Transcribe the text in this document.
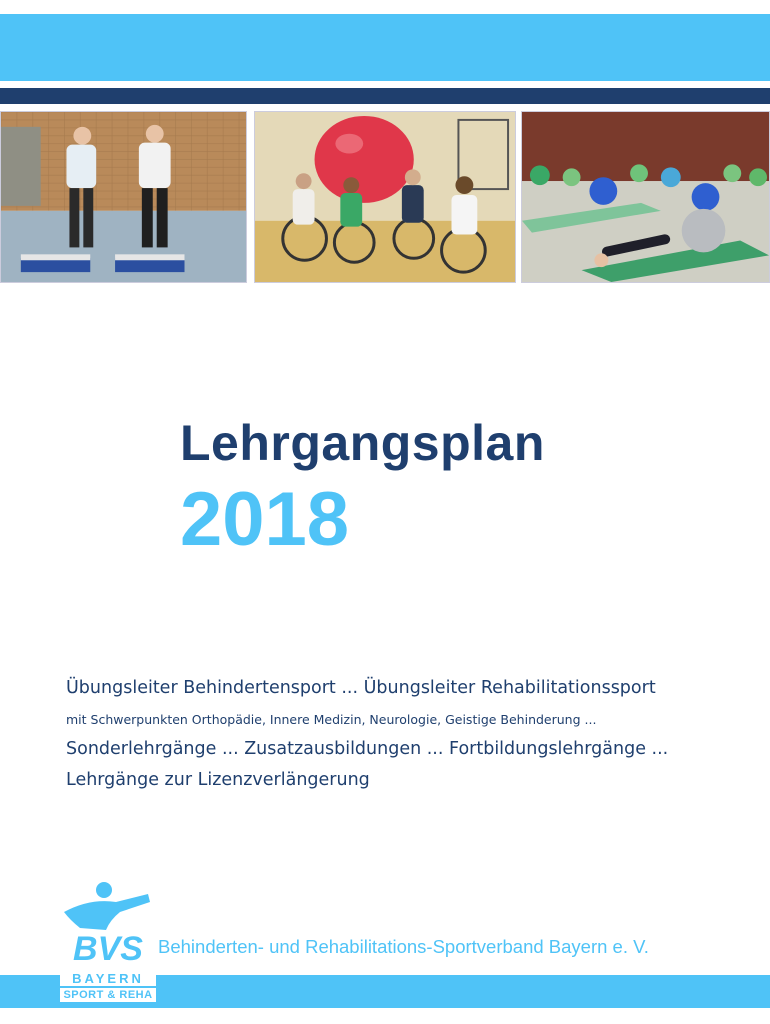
Lehrgangsplan
2018

Übungsleiter Behindertensport ... Übungsleiter Rehabilitationssport

mit Schwerpunkten Orthopädie, Innere Medizin, Neurologie, Geistige Behinderung ...

Sonderlehrgänge ... Zusatzausbildungen ... Fortbildungslehrgänge ...

Lehrgänge zur Lizenzverlängerung

Behinderten- und Rehabilitations-Sportverband Bayern e. V.

BVS
BAYERN
SPORT & REHA
